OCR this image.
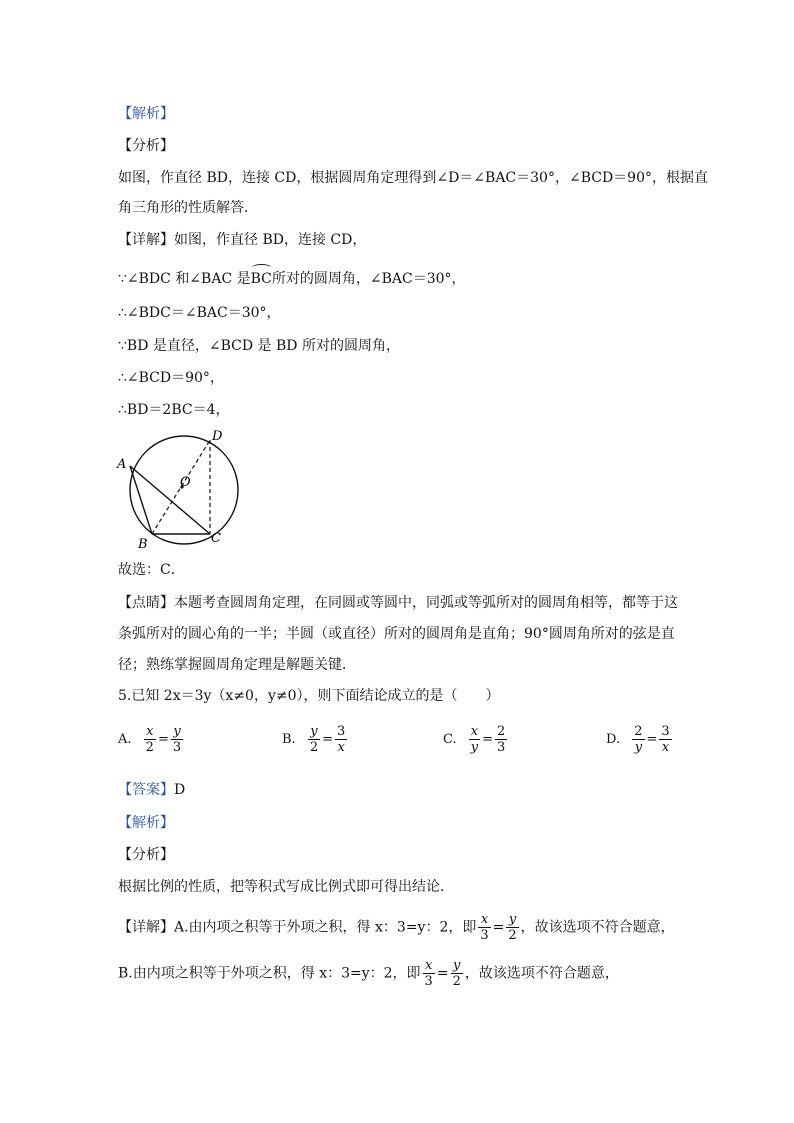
【解析】
【分析】
如图，作直径 BD，连接 CD，根据圆周角定理得到∠D＝∠BAC＝30°，∠BCD＝90°，根据直
角三角形的性质解答．
【详解】如图，作直径 BD，连接 CD，
∵∠BDC 和∠BAC 是BC所对的圆周角，∠BAC＝30°，
∴∠BDC＝∠BAC＝30°，
∵BD 是直径，∠BCD 是 BD 所对的圆周角，
∴∠BCD＝90°，
∴BD＝2BC＝4，
A
B	C
D
O
故选：C．
【点睛】本题考查圆周角定理，在同圆或等圆中，同弧或等弧所对的圆周角相等，都等于这
条弧所对的圆心角的一半；半圆（或直径）所对的圆周角是直角；90°圆周角所对的弦是直
径；熟练掌握圆周角定理是解题关键．
5.已知 2x＝3y（x≠0，y≠0），则下面结论成立的是（　　）
A. $\frac{x}{2} = \frac{y}{3}$	B. $\frac{y}{2} = \frac{3}{x}$	C. $\frac{x}{y} = \frac{2}{3}$	D. $\frac{2}{y} = \frac{3}{x}$
【答案】D
【解析】
【分析】
根据比例的性质，把等积式写成比例式即可得出结论．
【详解】A.由内项之积等于外项之积，得 x：3=y：2，即 $\frac{x}{3} = \frac{y}{2}$ ，故该选项不符合题意，
B.由内项之积等于外项之积，得 x：3=y：2，即 $\frac{x}{3} = \frac{y}{2}$ ，故该选项不符合题意，
